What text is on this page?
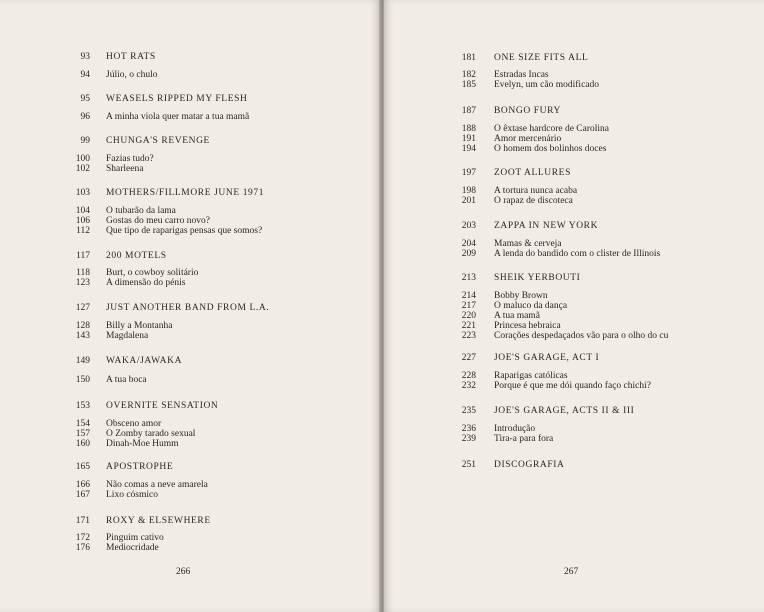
93 HOT RATS
94 Júlio, o chulo
95 WEASELS RIPPED MY FLESH
96 A minha viola quer matar a tua mamã
99 CHUNGA'S REVENGE
100 Fazias tudo?
102 Sharleena
103 MOTHERS/FILLMORE JUNE 1971
104 O tubarão da lama
106 Gostas do meu carro novo?
112 Que tipo de raparigas pensas que somos?
117 200 MOTELS
118 Burt, o cowboy solitário
123 A dimensão do pénis
127 JUST ANOTHER BAND FROM L.A.
128 Billy a Montanha
143 Magdalena
149 WAKA/JAWAKA
150 A tua boca
153 OVERNITE SENSATION
154 Obsceno amor
157 O Zomby tarado sexual
160 Dinah-Moe Humm
165 APOSTROPHE
166 Não comas a neve amarela
167 Lixo cósmico
171 ROXY & ELSEWHERE
172 Pinguim cativo
176 Mediocridade
266
181 ONE SIZE FITS ALL
182 Estradas Incas
185 Evelyn, um cão modificado
187 BONGO FURY
188 O êxtase hardcore de Carolina
191 Amor mercenário
194 O homem dos bolinhos doces
197 ZOOT ALLURES
198 A tortura nunca acaba
201 O rapaz de discoteca
203 ZAPPA IN NEW YORK
204 Mamas & cerveja
209 A lenda do bandido com o clister de Illinois
213 SHEIK YERBOUTI
214 Bobby Brown
217 O maluco da dança
220 A tua mamã
221 Princesa hebraica
223 Corações despedaçados vão para o olho do cu
227 JOE'S GARAGE, ACT I
228 Raparigas católicas
232 Porque é que me dói quando faço chichi?
235 JOE'S GARAGE, ACTS II & III
236 Introdução
239 Tira-a para fora
251 DISCOGRAFIA
267
